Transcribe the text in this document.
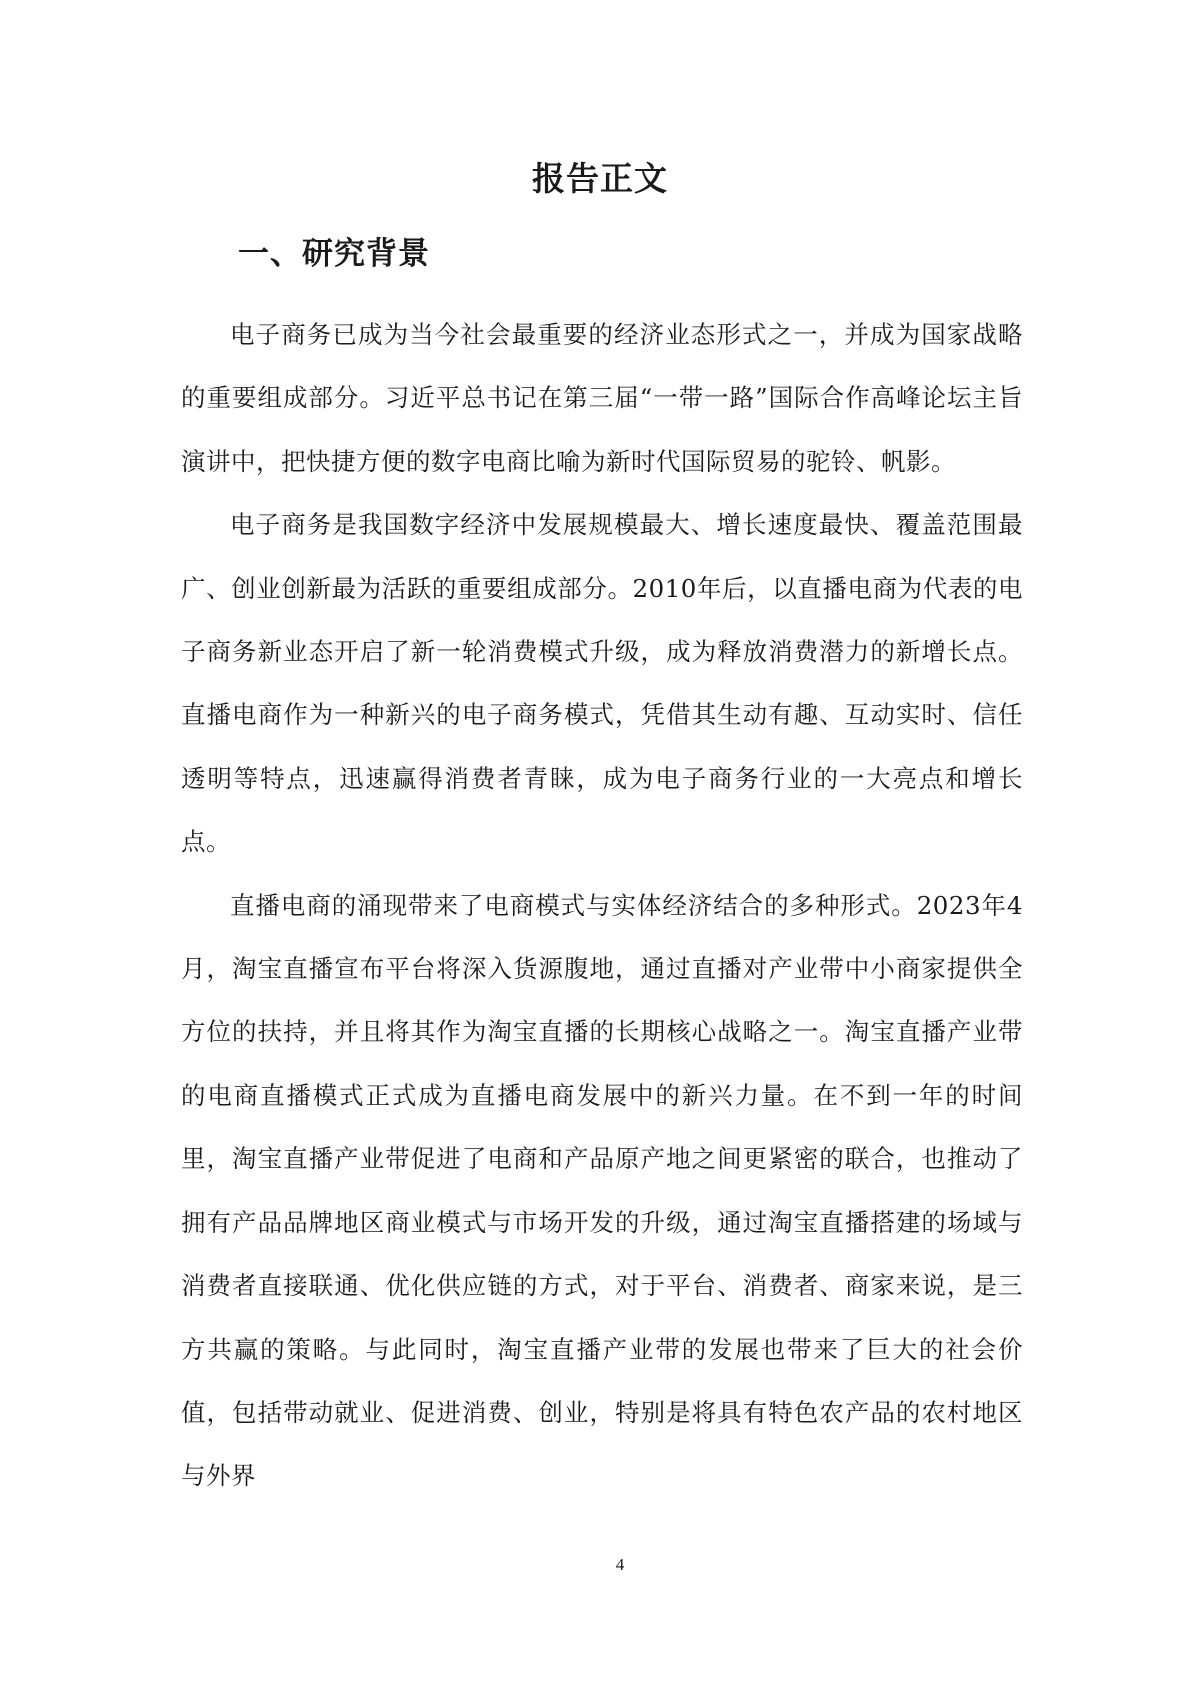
报告正文
一、研究背景

电子商务已成为当今社会最重要的经济业态形式之一，并成为国家战略的重要组成部分。习近平总书记在第三届“一带一路”国际合作高峰论坛主旨演讲中，把快捷方便的数字电商比喻为新时代国际贸易的驼铃、帆影。

电子商务是我国数字经济中发展规模最大、增长速度最快、覆盖范围最广、创业创新最为活跃的重要组成部分。2010年后，以直播电商为代表的电子商务新业态开启了新一轮消费模式升级，成为释放消费潜力的新增长点。直播电商作为一种新兴的电子商务模式，凭借其生动有趣、互动实时、信任透明等特点，迅速赢得消费者青睐，成为电子商务行业的一大亮点和增长点。

直播电商的涌现带来了电商模式与实体经济结合的多种形式。2023年4月，淘宝直播宣布平台将深入货源腹地，通过直播对产业带中小商家提供全方位的扶持，并且将其作为淘宝直播的长期核心战略之一。淘宝直播产业带的电商直播模式正式成为直播电商发展中的新兴力量。在不到一年的时间里，淘宝直播产业带促进了电商和产品原产地之间更紧密的联合，也推动了拥有产品品牌地区商业模式与市场开发的升级，通过淘宝直播搭建的场域与消费者直接联通、优化供应链的方式，对于平台、消费者、商家来说，是三方共赢的策略。与此同时，淘宝直播产业带的发展也带来了巨大的社会价值，包括带动就业、促进消费、创业，特别是将具有特色农产品的农村地区与外界

4
